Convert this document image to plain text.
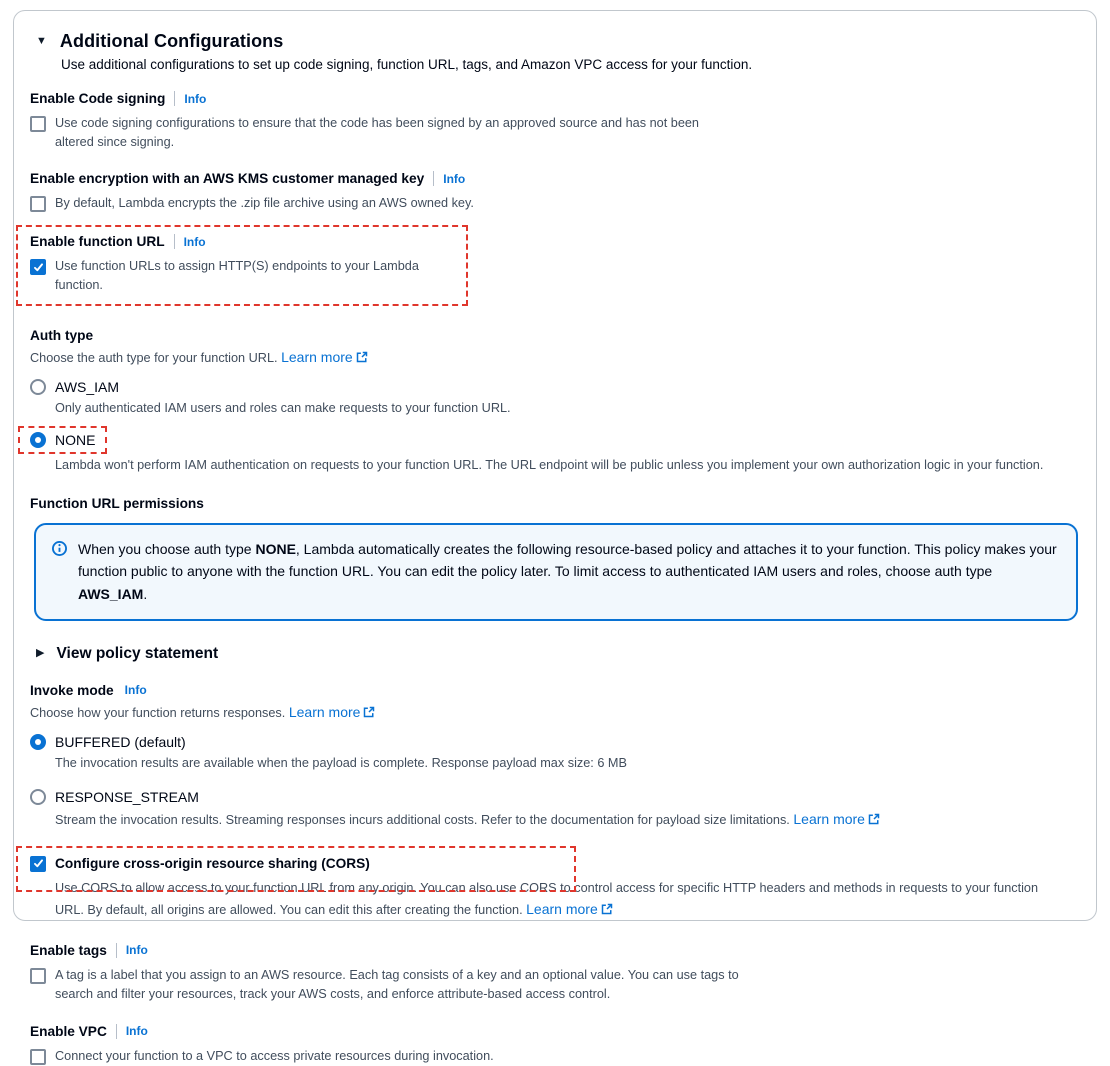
▼ Additional Configurations

Use additional configurations to set up code signing, function URL, tags, and Amazon VPC access for your function.

Enable Code signing Info
Use code signing configurations to ensure that the code has been signed by an approved source and has not been altered since signing.
Enable encryption with an AWS KMS customer managed key Info
By default, Lambda encrypts the .zip file archive using an AWS owned key.
Enable function URL Info
Use function URLs to assign HTTP(S) endpoints to your Lambda function.
Auth type
Choose the auth type for your function URL. Learn more
AWS_IAM
Only authenticated IAM users and roles can make requests to your function URL.
NONE
Lambda won't perform IAM authentication on requests to your function URL. The URL endpoint will be public unless you implement your own authorization logic in your function.
Function URL permissions
When you choose auth type NONE, Lambda automatically creates the following resource-based policy and attaches it to your function. This policy makes your function public to anyone with the function URL. You can edit the policy later. To limit access to authenticated IAM users and roles, choose auth type AWS_IAM.
▶ View policy statement
Invoke mode Info
Choose how your function returns responses. Learn more
BUFFERED (default)
The invocation results are available when the payload is complete. Response payload max size: 6 MB
RESPONSE_STREAM
Stream the invocation results. Streaming responses incurs additional costs. Refer to the documentation for payload size limitations. Learn more
Configure cross-origin resource sharing (CORS)
Use CORS to allow access to your function URL from any origin. You can also use CORS to control access for specific HTTP headers and methods in requests to your function URL. By default, all origins are allowed. You can edit this after creating the function. Learn more
Enable tags Info
A tag is a label that you assign to an AWS resource. Each tag consists of a key and an optional value. You can use tags to search and filter your resources, track your AWS costs, and enforce attribute-based access control.
Enable VPC Info
Connect your function to a VPC to access private resources during invocation.
